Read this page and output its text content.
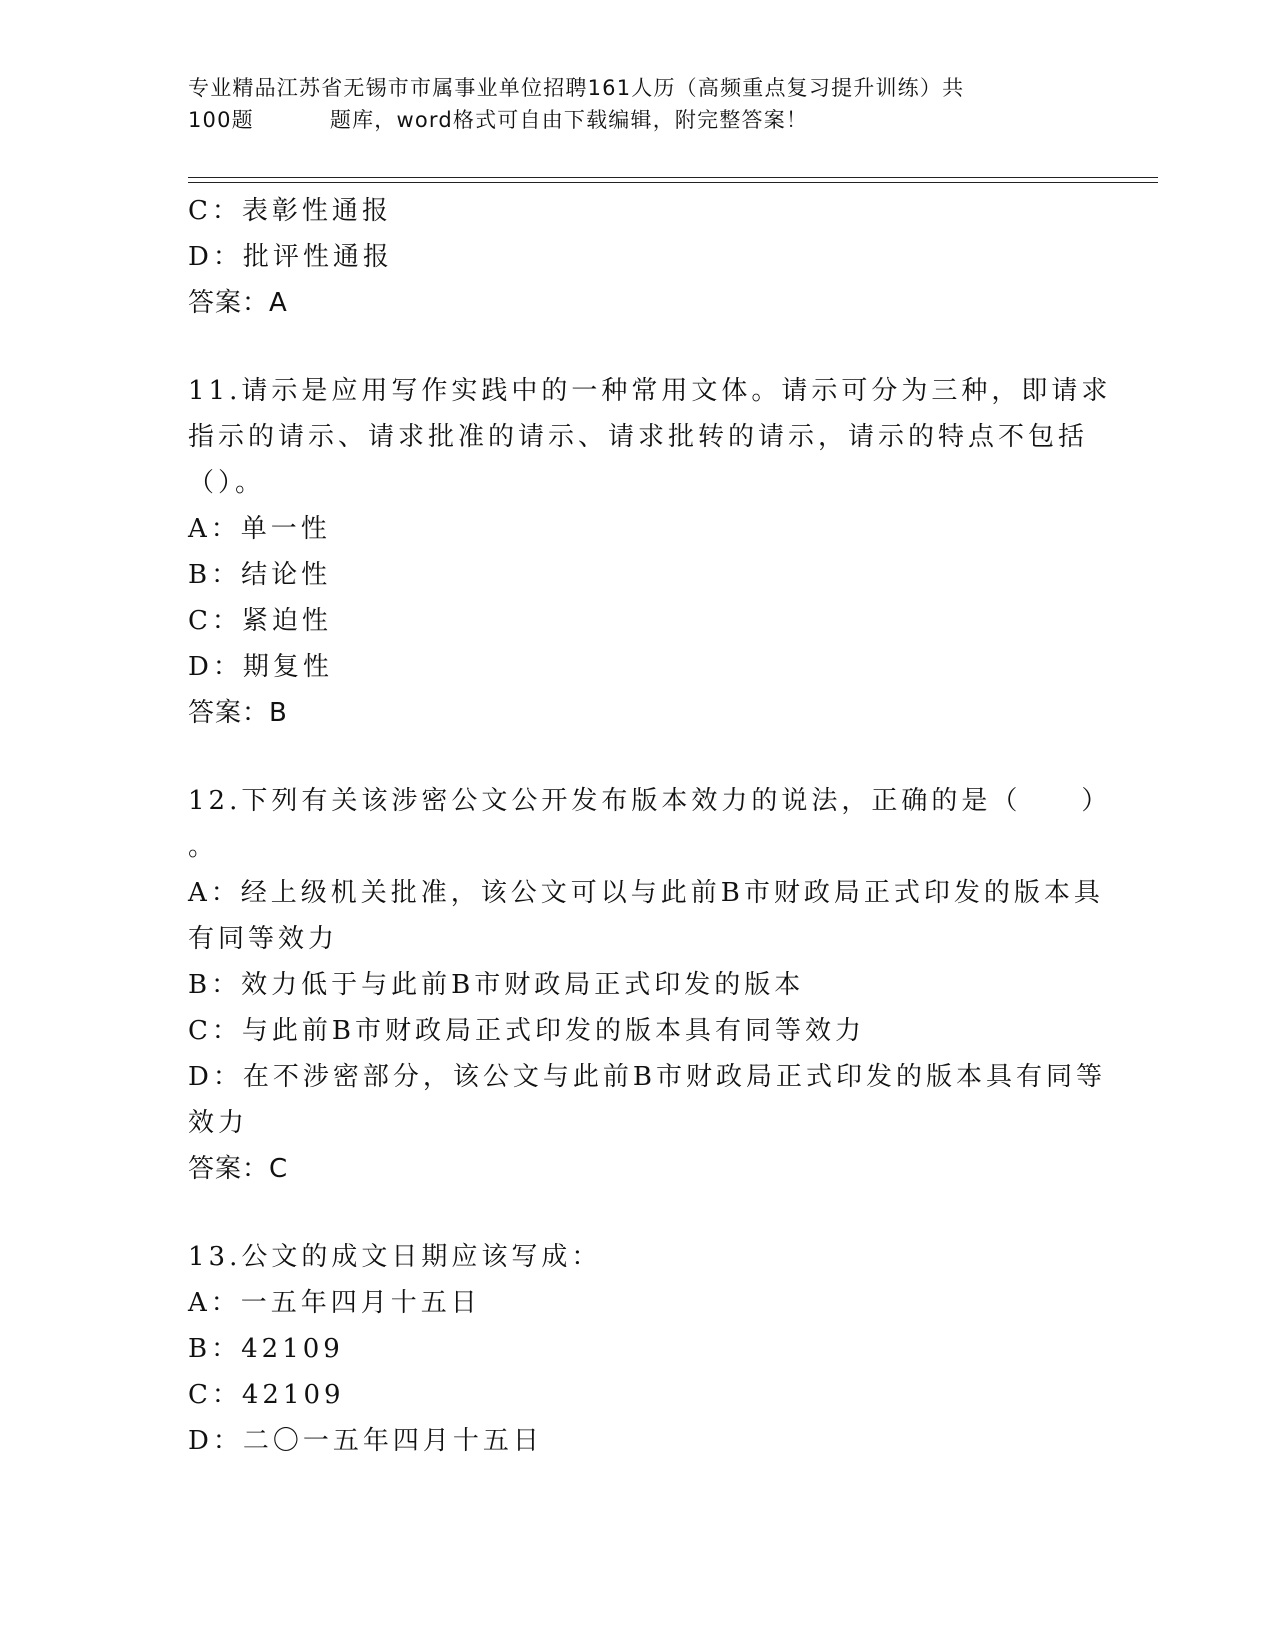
专业精品江苏省无锡市市属事业单位招聘161人历（高频重点复习提升训练）共
100题	题库，word格式可自由下载编辑，附完整答案！
C：表彰性通报
D：批评性通报
答案：A
11.请示是应用写作实践中的一种常用文体。请示可分为三种，即请求
指示的请示、请求批准的请示、请求批转的请示，请示的特点不包括
（）。
A：单一性
B：结论性
C：紧迫性
D：期复性
答案：B
12.下列有关该涉密公文公开发布版本效力的说法，正确的是（　　）
。
A：经上级机关批准，该公文可以与此前B市财政局正式印发的版本具
有同等效力
B：效力低于与此前B市财政局正式印发的版本
C：与此前B市财政局正式印发的版本具有同等效力
D：在不涉密部分，该公文与此前B市财政局正式印发的版本具有同等
效力
答案：C
13.公文的成文日期应该写成：
A：一五年四月十五日
B：42109
C：42109
D：二〇一五年四月十五日
